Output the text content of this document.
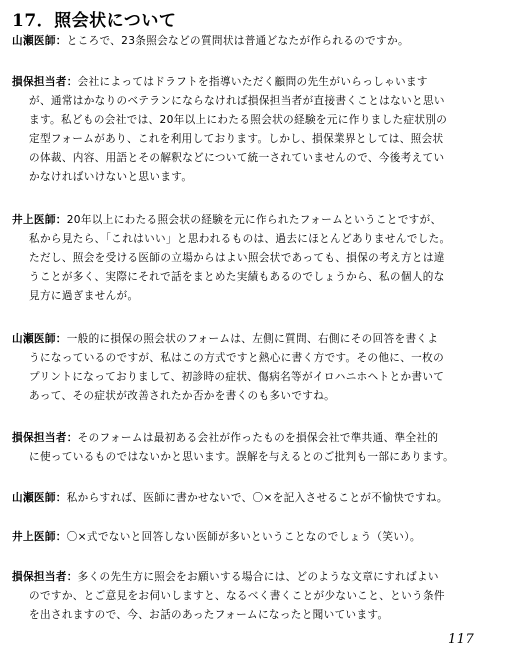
17．照会状について
山瀬医師：ところで、23条照会などの質問状は普通どなたが作られるのですか。
損保担当者：会社によってはドラフトを指導いただく顧問の先生がいらっしゃいます
が、通常はかなりのベテランにならなければ損保担当者が直接書くことはないと思い
ます。私どもの会社では、20年以上にわたる照会状の経験を元に作りました症状別の
定型フォームがあり、これを利用しております。しかし、損保業界としては、照会状
の体裁、内容、用語とその解釈などについて統一されていませんので、今後考えてい
かなければいけないと思います。
井上医師：20年以上にわたる照会状の経験を元に作られたフォームということですが、
私から見たら、「これはいい」と思われるものは、過去にほとんどありませんでした。
ただし、照会を受ける医師の立場からはよい照会状であっても、損保の考え方とは違
うことが多く、実際にそれで話をまとめた実績もあるのでしょうから、私の個人的な
見方に過ぎませんが。
山瀬医師：一般的に損保の照会状のフォームは、左側に質問、右側にその回答を書くよ
うになっているのですが、私はこの方式ですと熱心に書く方です。その他に、一枚の
プリントになっておりまして、初診時の症状、傷病名等がイロハニホヘトとか書いて
あって、その症状が改善されたか否かを書くのも多いですね。
損保担当者：そのフォームは最初ある会社が作ったものを損保会社で準共通、準全社的
に使っているものではないかと思います。誤解を与えるとのご批判も一部にあります。
山瀬医師：私からすれば、医師に書かせないで、〇×を記入させることが不愉快ですね。
井上医師：〇×式でないと回答しない医師が多いということなのでしょう（笑い）。
損保担当者：多くの先生方に照会をお願いする場合には、どのような文章にすればよい
のですか、とご意見をお伺いしますと、なるべく書くことが少ないこと、という条件
を出されますので、今、お話のあったフォームになったと聞いています。
117
